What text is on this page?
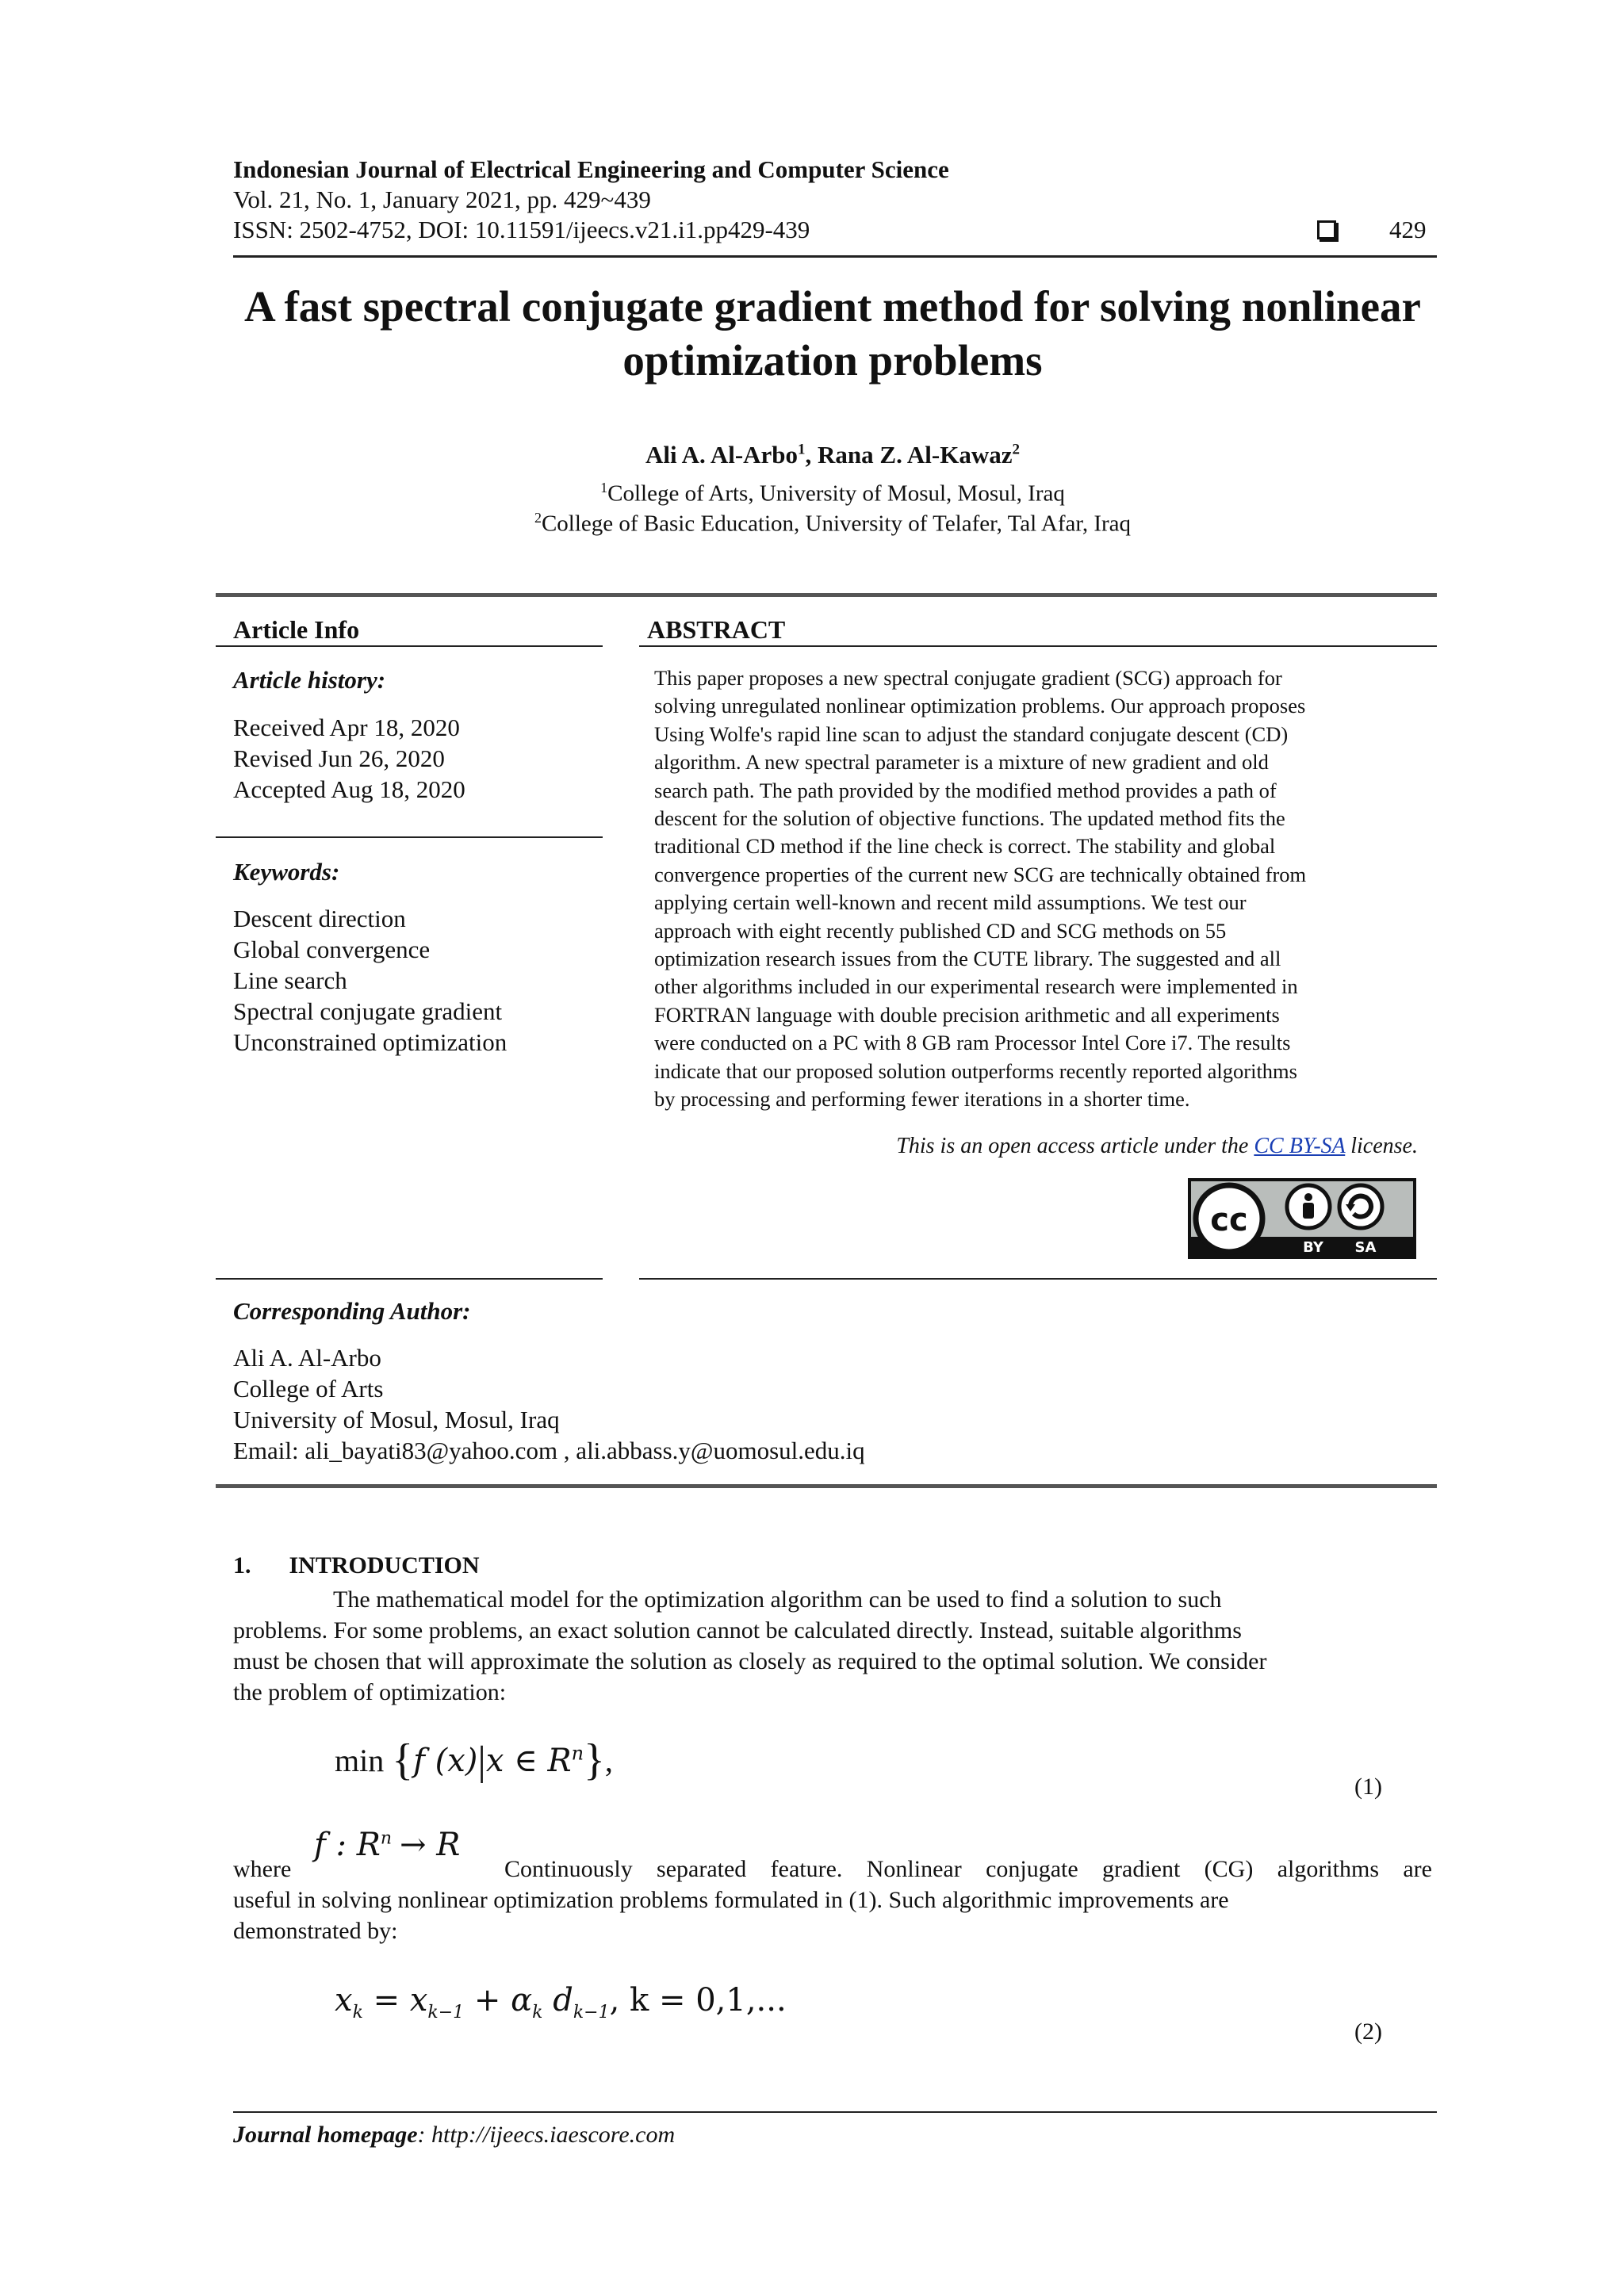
Indonesian Journal of Electrical Engineering and Computer Science
Vol. 21, No. 1, January 2021, pp. 429~439
ISSN: 2502-4752, DOI: 10.11591/ijeecs.v21.i1.pp429-439	429
A fast spectral conjugate gradient method for solving nonlinear
optimization problems
Ali A. Al-Arbo$^1$, Rana Z. Al-Kawaz$^2$
$^1$College of Arts, University of Mosul, Mosul, Iraq
$^2$College of Basic Education, University of Telafer, Tal Afar, Iraq
Article Info
Article history:
Received Apr 18, 2020
Revised Jun 26, 2020
Accepted Aug 18, 2020
Keywords:
Descent direction
Global convergence
Line search
Spectral conjugate gradient
Unconstrained optimization
ABSTRACT
This paper proposes a new spectral conjugate gradient (SCG) approach for
solving unregulated nonlinear optimization problems. Our approach proposes
Using Wolfe's rapid line scan to adjust the standard conjugate descent (CD)
algorithm. A new spectral parameter is a mixture of new gradient and old
search path. The path provided by the modified method provides a path of
descent for the solution of objective functions. The updated method fits the
traditional CD method if the line check is correct. The stability and global
convergence properties of the current new SCG are technically obtained from
applying certain well-known and recent mild assumptions. We test our
approach with eight recently published CD and SCG methods on 55
optimization research issues from the CUTE library. The suggested and all
other algorithms included in our experimental research were implemented in
FORTRAN language with double precision arithmetic and all experiments
were conducted on a PC with 8 GB ram Processor Intel Core i7. The results
indicate that our proposed solution outperforms recently reported algorithms
by processing and performing fewer iterations in a shorter time.
This is an open access article under the CC BY-SA license.
cc
BY SA
Corresponding Author:
Ali A. Al-Arbo
College of Arts
University of Mosul, Mosul, Iraq
Email: ali_bayati83@yahoo.com , ali.abbass.y@uomosul.edu.iq
1. INTRODUCTION
The mathematical model for the optimization algorithm can be used to find a solution to such
problems. For some problems, an exact solution cannot be calculated directly. Instead, suitable algorithms
must be chosen that will approximate the solution as closely as required to the optimal solution. We consider
the problem of optimization:
min {f (x)|x ∈ $R^n$},
(1)
f : $R^n \to R$
where	Continuously separated feature. Nonlinear conjugate gradient (CG) algorithms are
useful in solving nonlinear optimization problems formulated in (1). Such algorithmic improvements are
demonstrated by:
$x_k = x_{k-1} + \alpha_k$ $d_{k-1}$, k = 0,1,...
(2)
Journal homepage: http://ijeecs.iaescore.com
